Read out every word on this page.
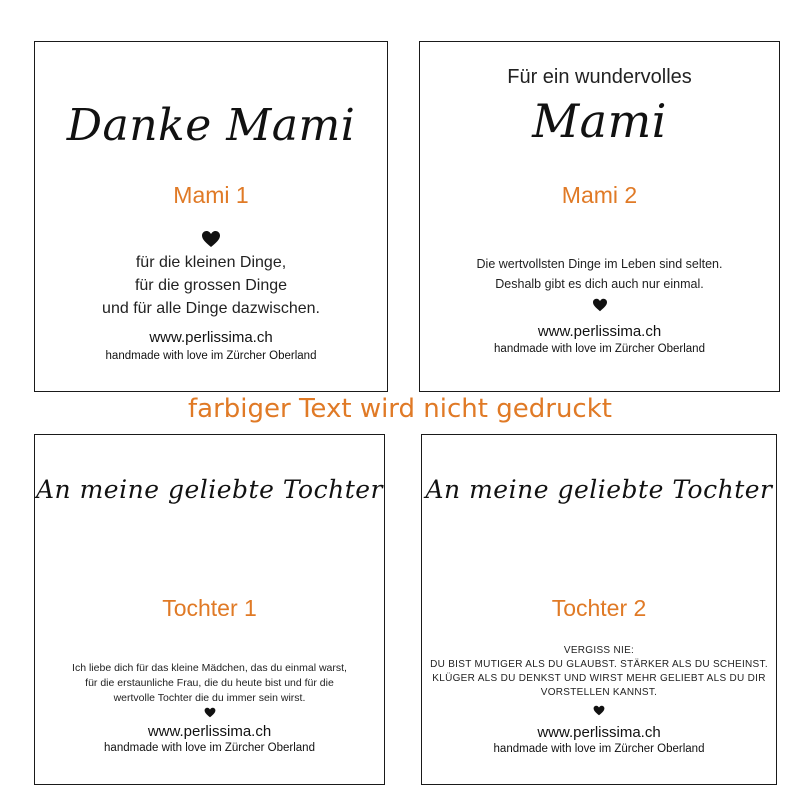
Danke Mami
Mami 1
für die kleinen Dinge,
für die grossen Dinge
und für alle Dinge dazwischen.
www.perlissima.ch
handmade with love im Zürcher Oberland
Für ein wundervolles
Mami
Mami 2
Die wertvollsten Dinge im Leben sind selten.
Deshalb gibt es dich auch nur einmal.
www.perlissima.ch
handmade with love im Zürcher Oberland
farbiger Text wird nicht gedruckt
An meine geliebte Tochter
Tochter 1
Ich liebe dich für das kleine Mädchen, das du einmal warst,
für die erstaunliche Frau, die du heute bist und für die
wertvolle Tochter die du immer sein wirst.
www.perlissima.ch
handmade with love im Zürcher Oberland
An meine geliebte Tochter
Tochter 2
VERGISS NIE:
DU BIST MUTIGER ALS DU GLAUBST. STÄRKER ALS DU SCHEINST.
KLÜGER ALS DU DENKST UND WIRST MEHR GELIEBT ALS DU DIR
VORSTELLEN KANNST.
www.perlissima.ch
handmade with love im Zürcher Oberland
